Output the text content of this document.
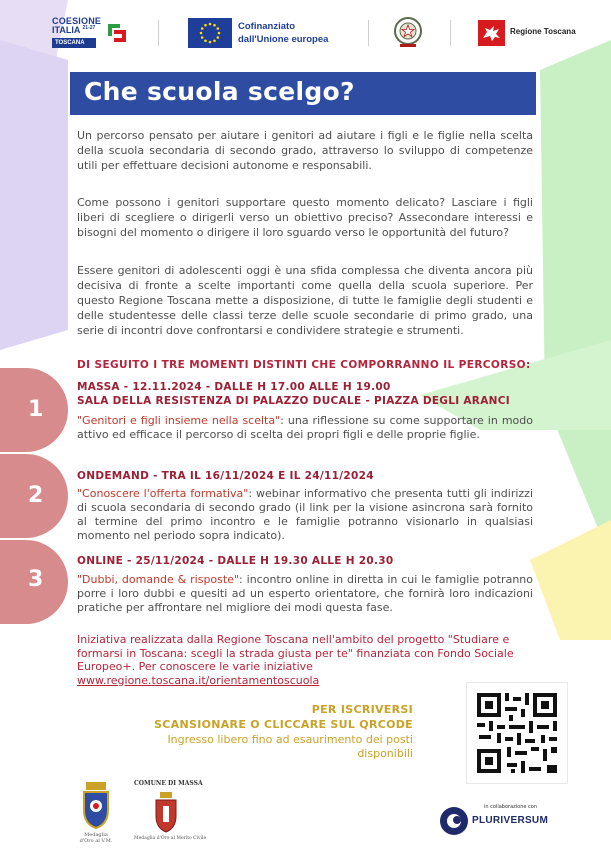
COESIONE
ITALIA $^{21-27}$
TOSCANA
Cofinanziato
dall'Unione europea
Regione Toscana
Che scuola scelgo?

Un percorso pensato per aiutare i genitori ad aiutare i figli e le figlie nella scelta della scuola secondaria di secondo grado, attraverso lo sviluppo di competenze utili per effettuare decisioni autonome e responsabili.

Come possono i genitori supportare questo momento delicato? Lasciare i figli liberi di scegliere o dirigerli verso un obiettivo preciso? Assecondare interessi e bisogni del momento o dirigere il loro sguardo verso le opportunità del futuro?

Essere genitori di adolescenti oggi è una sfida complessa che diventa ancora più decisiva di fronte a scelte importanti come quella della scuola superiore. Per questo Regione Toscana mette a disposizione, di tutte le famiglie degli studenti e delle studentesse delle classi terze delle scuole secondarie di primo grado, una serie di incontri dove confrontarsi e condividere strategie e strumenti.

DI SEGUITO I TRE MOMENTI DISTINTI CHE COMPORRANNO IL PERCORSO:
1
MASSA - 12.11.2024 - DALLE H 17.00 ALLE H 19.00
SALA DELLA RESISTENZA DI PALAZZO DUCALE - PIAZZA DEGLI ARANCI

"Genitori e figli insieme nella scelta": una riflessione su come supportare in modo attivo ed efficace il percorso di scelta dei propri figli e delle proprie figlie.

2
ONDEMAND - TRA IL 16/11/2024 E IL 24/11/2024

"Conoscere l'offerta formativa": webinar informativo che presenta tutti gli indirizzi di scuola secondaria di secondo grado (il link per la visione asincrona sarà fornito al termine del primo incontro e le famiglie potranno visionarlo in qualsiasi momento nel periodo sopra indicato).

3
ONLINE - 25/11/2024 - DALLE H 19.30 ALLE H 20.30

"Dubbi, domande & risposte": incontro online in diretta in cui le famiglie potranno porre i loro dubbi e quesiti ad un esperto orientatore, che fornirà loro indicazioni pratiche per affrontare nel migliore dei modi questa fase.

Iniziativa realizzata dalla Regione Toscana nell'ambito del progetto "Studiare e formarsi in Toscana: scegli la strada giusta per te" finanziata con Fondo Sociale Europeo+. Per conoscere le varie iniziative www.regione.toscana.it/orientamentoscuola

PER ISCRIVERSI
SCANSIONARE O CLICCARE SUL QRCODE
Ingresso libero fino ad esaurimento dei posti
disponibili
Medaglia d'Oro al V.M.
COMUNE DI MASSA
Medaglia d'Oro al Merito Civile
in collaborazione con
PLURIVERSUM
